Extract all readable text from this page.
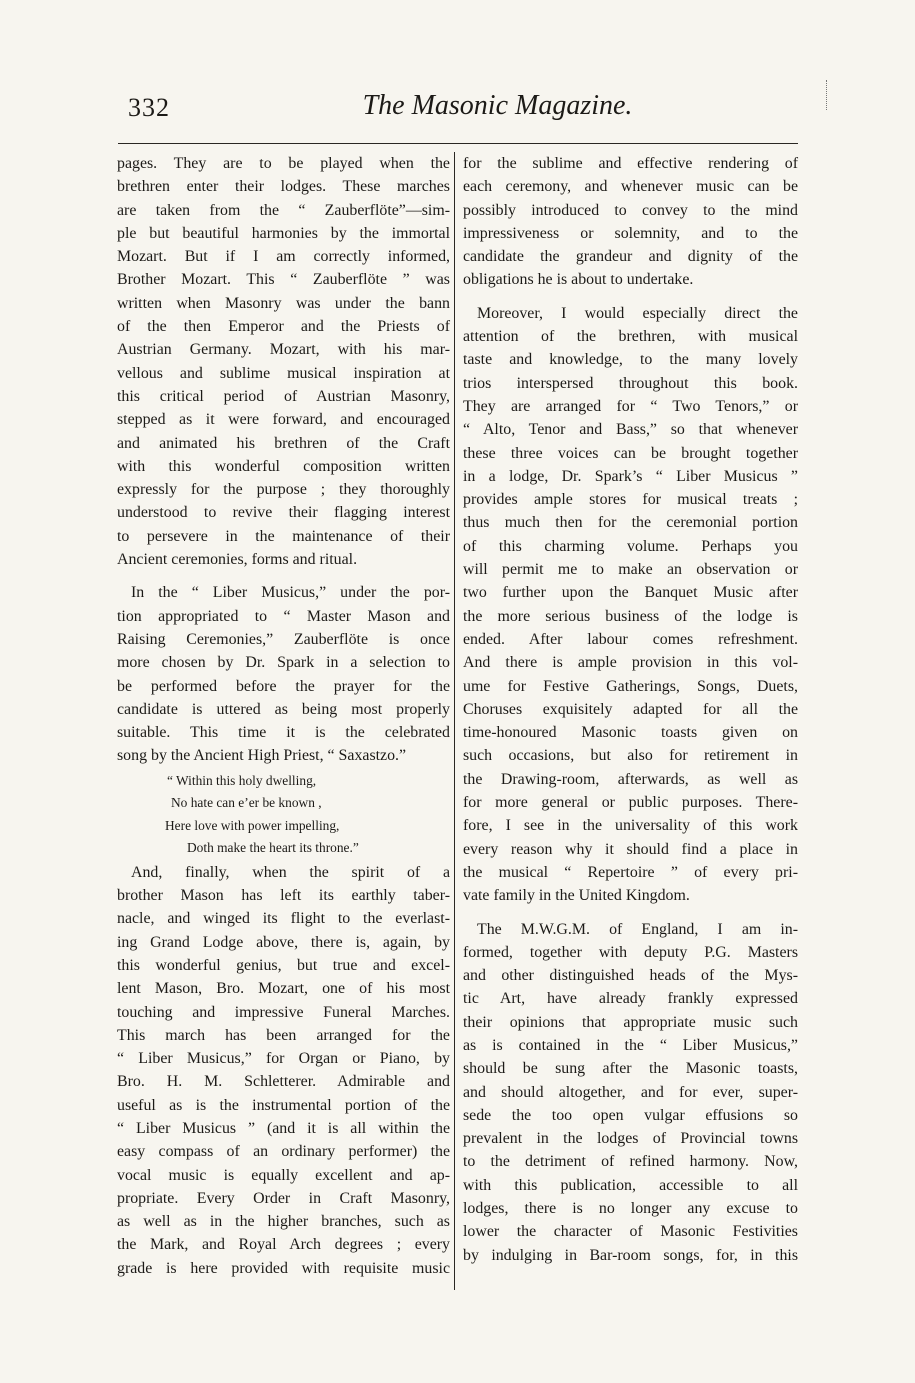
332	The Masonic Magazine.

pages. They are to be played when the
brethren enter their lodges. These marches
are taken from the “ Zauberflöte”—sim-
ple but beautiful harmonies by the immortal
Mozart. But if I am correctly informed,
Brother Mozart. This “ Zauberflöte ” was
written when Masonry was under the bann
of the then Emperor and the Priests of
Austrian Germany. Mozart, with his mar-
vellous and sublime musical inspiration at
this critical period of Austrian Masonry,
stepped as it were forward, and encouraged
and animated his brethren of the Craft
with this wonderful composition written
expressly for the purpose ; they thoroughly
understood to revive their flagging interest
to persevere in the maintenance of their
Ancient ceremonies, forms and ritual.

In the “ Liber Musicus,” under the por-
tion appropriated to “ Master Mason and
Raising Ceremonies,” Zauberflöte is once
more chosen by Dr. Spark in a selection to
be performed before the prayer for the
candidate is uttered as being most properly
suitable. This time it is the celebrated
song by the Ancient High Priest, “ Saxastzo.”

“ Within this holy dwelling,
No hate can e’er be known ,
Here love with power impelling,
Doth make the heart its throne.”

And, finally, when the spirit of a
brother Mason has left its earthly taber-
nacle, and winged its flight to the everlast-
ing Grand Lodge above, there is, again, by
this wonderful genius, but true and excel-
lent Mason, Bro. Mozart, one of his most
touching and impressive Funeral Marches.
This march has been arranged for the
“ Liber Musicus,” for Organ or Piano, by
Bro. H. M. Schletterer. Admirable and
useful as is the instrumental portion of the
“ Liber Musicus ” (and it is all within the
easy compass of an ordinary performer) the
vocal music is equally excellent and ap-
propriate. Every Order in Craft Masonry,
as well as in the higher branches, such as
the Mark, and Royal Arch degrees ; every
grade is here provided with requisite music

for the sublime and effective rendering of
each ceremony, and whenever music can be
possibly introduced to convey to the mind
impressiveness or solemnity, and to the
candidate the grandeur and dignity of the
obligations he is about to undertake.

Moreover, I would especially direct the
attention of the brethren, with musical
taste and knowledge, to the many lovely
trios interspersed throughout this book.
They are arranged for “ Two Tenors,” or
“ Alto, Tenor and Bass,” so that whenever
these three voices can be brought together
in a lodge, Dr. Spark’s “ Liber Musicus ”
provides ample stores for musical treats ;
thus much then for the ceremonial portion
of this charming volume. Perhaps you
will permit me to make an observation or
two further upon the Banquet Music after
the more serious business of the lodge is
ended. After labour comes refreshment.
And there is ample provision in this vol-
ume for Festive Gatherings, Songs, Duets,
Choruses exquisitely adapted for all the
time-honoured Masonic toasts given on
such occasions, but also for retirement in
the Drawing-room, afterwards, as well as
for more general or public purposes. There-
fore, I see in the universality of this work
every reason why it should find a place in
the musical “ Repertoire ” of every pri-
vate family in the United Kingdom.

The M.W.G.M. of England, I am in-
formed, together with deputy P.G. Masters
and other distinguished heads of the Mys-
tic Art, have already frankly expressed
their opinions that appropriate music such
as is contained in the “ Liber Musicus,”
should be sung after the Masonic toasts,
and should altogether, and for ever, super-
sede the too open vulgar effusions so
prevalent in the lodges of Provincial towns
to the detriment of refined harmony. Now,
with this publication, accessible to all
lodges, there is no longer any excuse to
lower the character of Masonic Festivities
by indulging in Bar-room songs, for, in this
